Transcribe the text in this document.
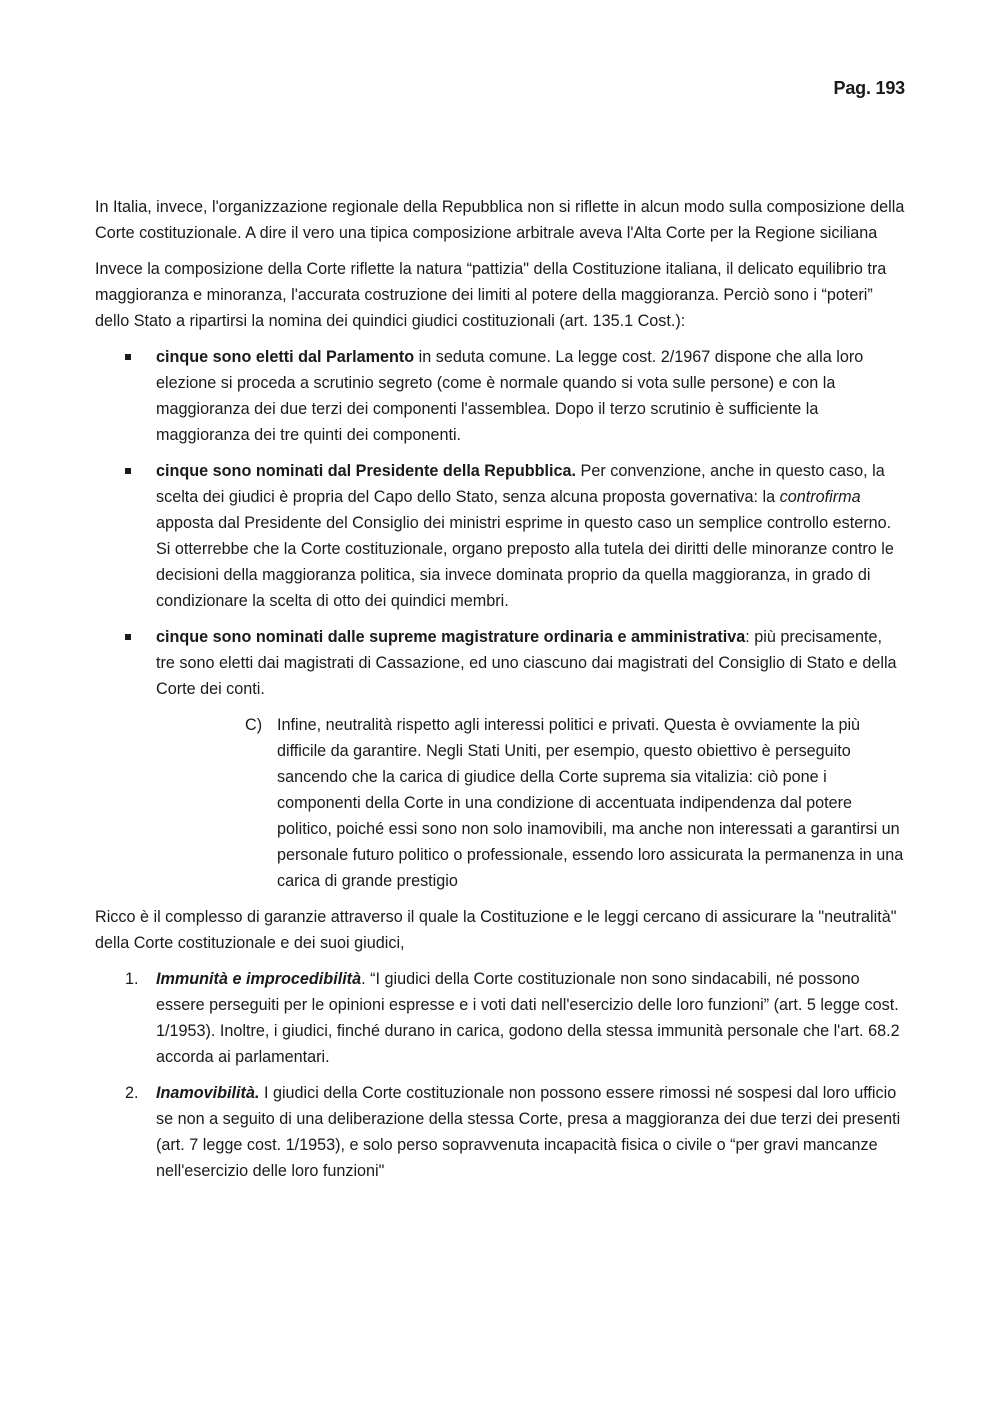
Pag. 193

In Italia, invece, l'organizzazione regionale della Repubblica non si riflette in alcun modo sulla composizione della Corte costituzionale. A dire il vero una tipica composizione arbitrale aveva l'Alta Corte per la Regione siciliana

Invece la composizione della Corte riflette la natura “pattizia" della Costituzione italiana, il delicato equilibrio tra maggioranza e minoranza, l'accurata costruzione dei limiti al potere della maggioranza. Perciò sono i “poteri” dello Stato a ripartirsi la nomina dei quindici giudici costituzionali (art. 135.1 Cost.):

cinque sono eletti dal Parlamento in seduta comune. La legge cost. 2/1967 dispone che alla loro elezione si proceda a scrutinio segreto (come è normale quando si vota sulle persone) e con la maggioranza dei due terzi dei componenti l'assemblea. Dopo il terzo scrutinio è sufficiente la maggioranza dei tre quinti dei componenti.
cinque sono nominati dal Presidente della Repubblica. Per convenzione, anche in questo caso, la scelta dei giudici è propria del Capo dello Stato, senza alcuna proposta governativa: la controfirma apposta dal Presidente del Consiglio dei ministri esprime in questo caso un semplice controllo esterno. Si otterrebbe che la Corte costituzionale, organo preposto alla tutela dei diritti delle minoranze contro le decisioni della maggioranza politica, sia invece dominata proprio da quella maggioranza, in grado di condizionare la scelta di otto dei quindici membri.
cinque sono nominati dalle supreme magistrature ordinaria e amministrativa: più precisamente, tre sono eletti dai magistrati di Cassazione, ed uno ciascuno dai magistrati del Consiglio di Stato e della Corte dei conti.
C) Infine, neutralità rispetto agli interessi politici e privati. Questa è ovviamente la più difficile da garantire. Negli Stati Uniti, per esempio, questo obiettivo è perseguito sancendo che la carica di giudice della Corte suprema sia vitalizia: ciò pone i componenti della Corte in una condizione di accentuata indipendenza dal potere politico, poiché essi sono non solo inamovibili, ma anche non interessati a garantirsi un personale futuro politico o professionale, essendo loro assicurata la permanenza in una carica di grande prestigio

Ricco è il complesso di garanzie attraverso il quale la Costituzione e le leggi cercano di assicurare la "neutralità" della Corte costituzionale e dei suoi giudici,

1. Immunità e improcedibilità. “I giudici della Corte costituzionale non sono sindacabili, né possono essere perseguiti per le opinioni espresse e i voti dati nell'esercizio delle loro funzioni” (art. 5 legge cost. 1/1953). Inoltre, i giudici, finché durano in carica, godono della stessa immunità personale che l'art. 68.2 accorda ai parlamentari.
2. Inamovibilità. I giudici della Corte costituzionale non possono essere rimossi né sospesi dal loro ufficio se non a seguito di una deliberazione della stessa Corte, presa a maggioranza dei due terzi dei presenti (art. 7 legge cost. 1/1953), e solo perso sopravvenuta incapacità fisica o civile o “per gravi mancanze nell'esercizio delle loro funzioni"
